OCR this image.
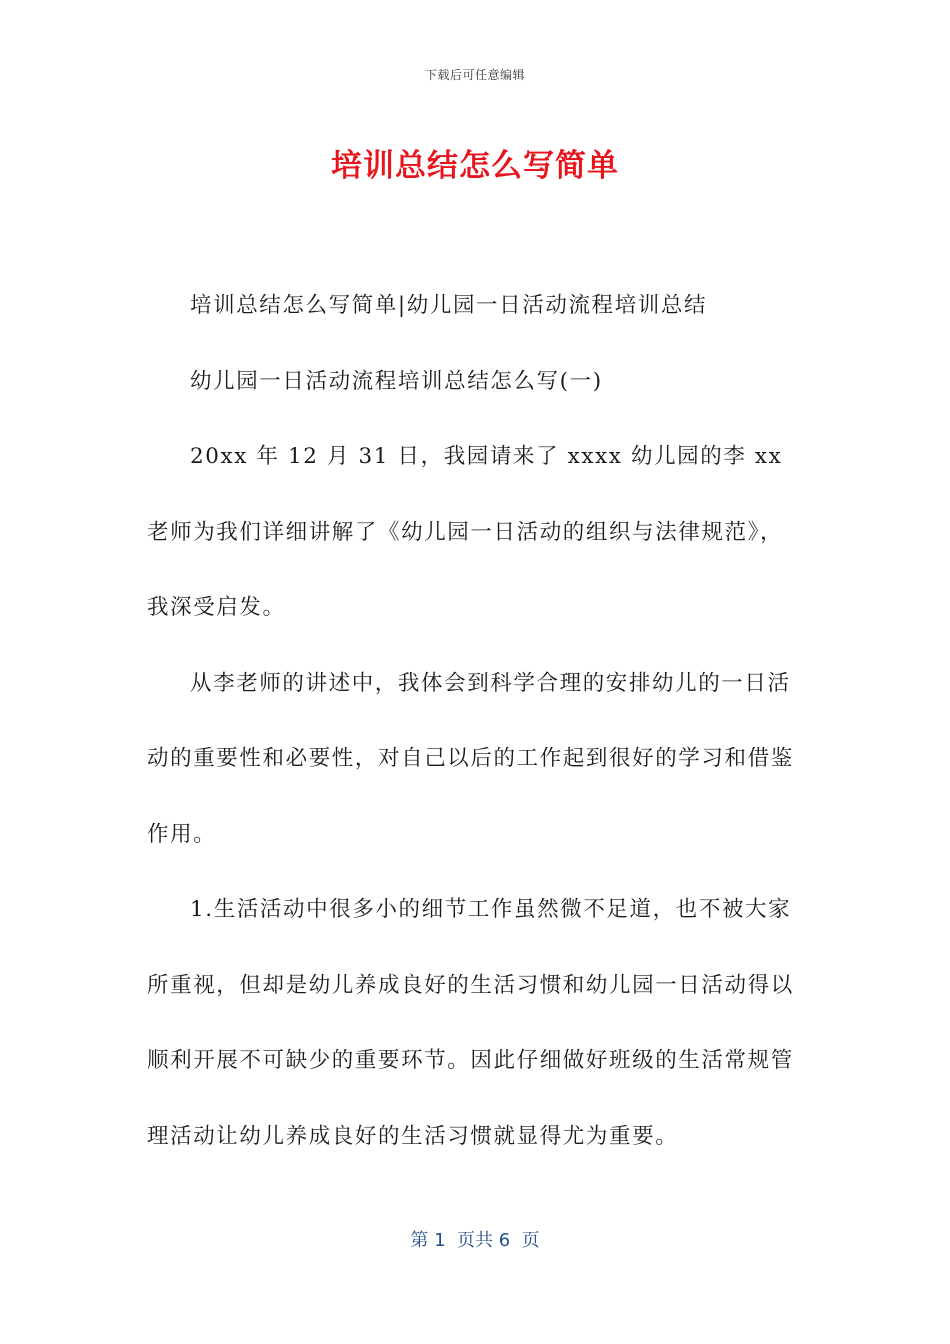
下载后可任意编辑
培训总结怎么写简单

培训总结怎么写简单|幼儿园一日活动流程培训总结

幼儿园一日活动流程培训总结怎么写(一)

20xx 年 12 月 31 日，我园请来了 xxxx 幼儿园的李 xx 老师为我们详细讲解了《幼儿园一日活动的组织与法律规范》，我深受启发。

从李老师的讲述中，我体会到科学合理的安排幼儿的一日活动的重要性和必要性，对自己以后的工作起到很好的学习和借鉴作用。

1.生活活动中很多小的细节工作虽然微不足道，也不被大家所重视，但却是幼儿养成良好的生活习惯和幼儿园一日活动得以顺利开展不可缺少的重要环节。因此仔细做好班级的生活常规管理活动让幼儿养成良好的生活习惯就显得尤为重要。

第 1  页共 6  页
